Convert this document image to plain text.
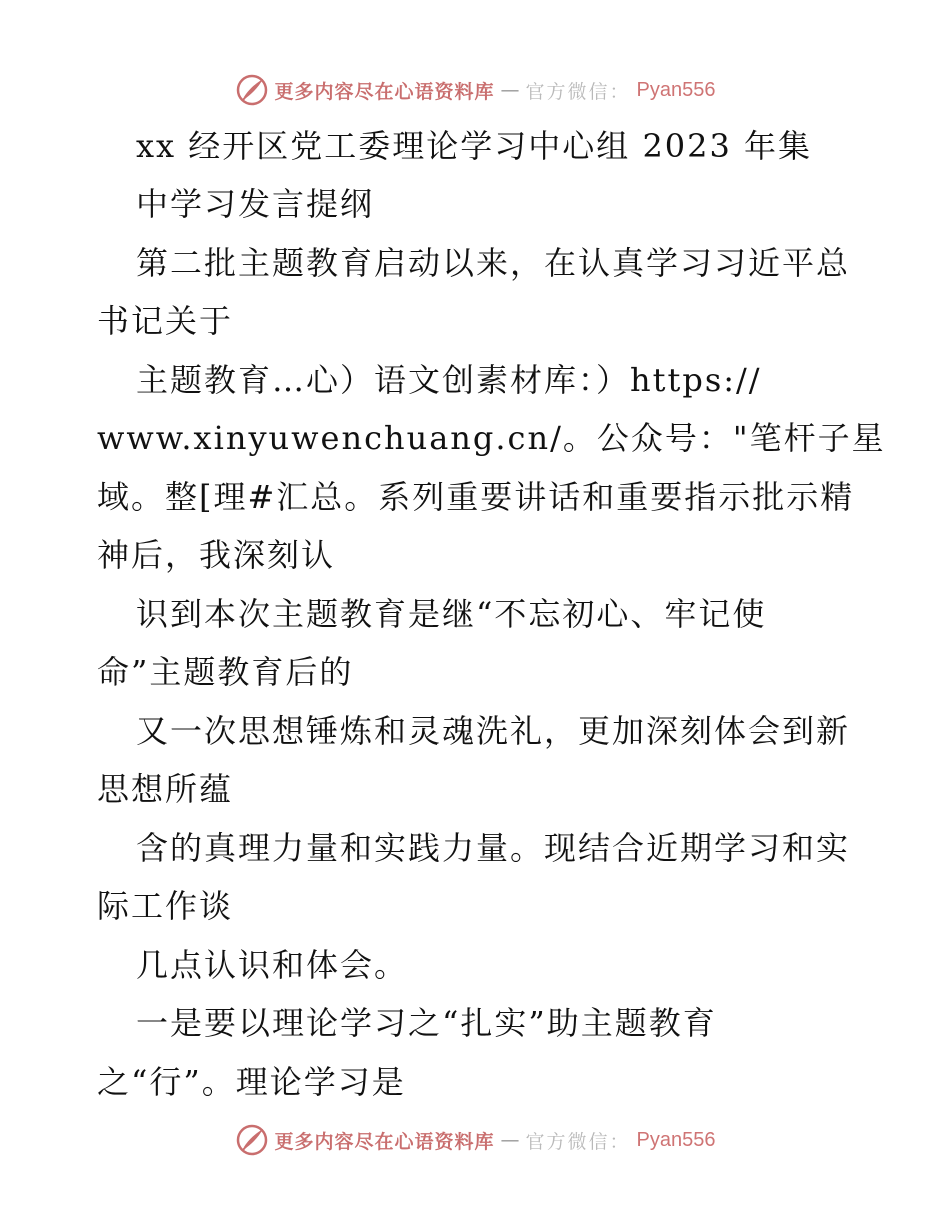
更多内容尽在心语资料库 — 官方微信： Pyan556
xx 经开区党工委理论学习中心组 2023 年集
中学习发言提纲
第二批主题教育启动以来，在认真学习习近平总
书记关于
主题教育…心）语文创素材库：）https://
www.xinyuwenchuang.cn/。公众号："笔杆子星
域。整[理#汇总。系列重要讲话和重要指示批示精
神后，我深刻认
识到本次主题教育是继“不忘初心、牢记使
命”主题教育后的
又一次思想锤炼和灵魂洗礼，更加深刻体会到新
思想所蕴
含的真理力量和实践力量。现结合近期学习和实
际工作谈
几点认识和体会。
一是要以理论学习之“扎实”助主题教育
之“行”。理论学习是
更多内容尽在心语资料库 — 官方微信： Pyan556
